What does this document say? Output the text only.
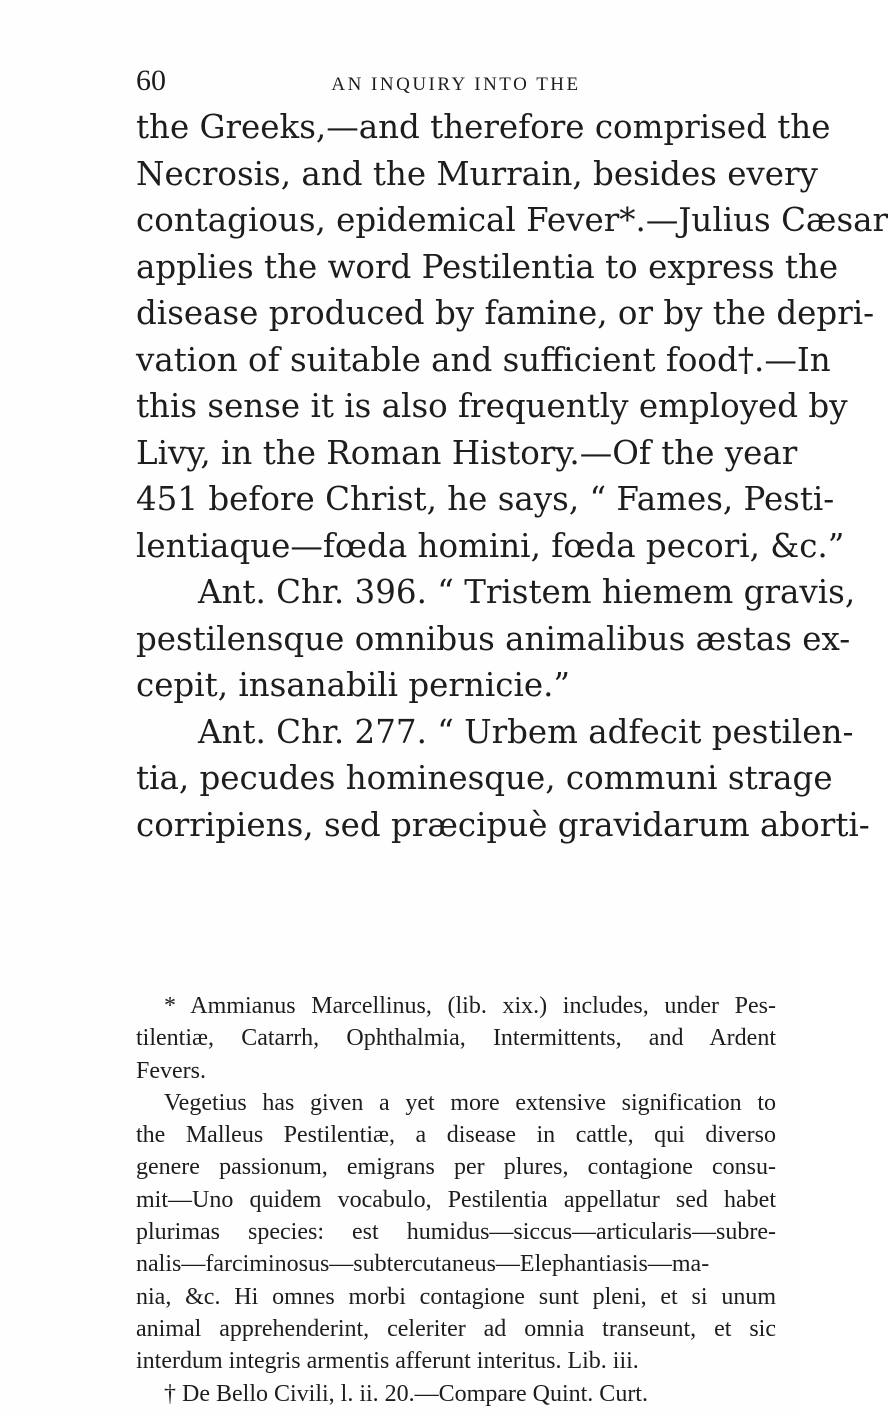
60	AN INQUIRY INTO THE
the Greeks,—and therefore comprised the
Necrosis, and the Murrain, besides every
contagious, epidemical Fever*.—Julius Cæsar
applies the word Pestilentia to express the
disease produced by famine, or by the depri-
vation of suitable and sufficient food†.—In
this sense it is also frequently employed by
Livy, in the Roman History.—Of the year
451 before Christ, he says, “ Fames, Pesti-
lentiaque—fœda homini, fœda pecori, &c.”
Ant. Chr. 396. “ Tristem hiemem gravis,
pestilensque omnibus animalibus æstas ex-
cepit, insanabili pernicie.”
Ant. Chr. 277. “ Urbem adfecit pestilen-
tia, pecudes hominesque, communi strage
corripiens, sed præcipuè gravidarum aborti-
* Ammianus Marcellinus, (lib. xix.) includes, under Pes-
tilentiæ, Catarrh, Ophthalmia, Intermittents, and Ardent
Fevers.
Vegetius has given a yet more extensive signification to
the Malleus Pestilentiæ, a disease in cattle, qui diverso
genere passionum, emigrans per plures, contagione consu-
mit—Uno quidem vocabulo, Pestilentia appellatur sed habet
plurimas species: est humidus—siccus—articularis—subre-
nalis—farciminosus—subtercutaneus—Elephantiasis—ma-
nia, &c. Hi omnes morbi contagione sunt pleni, et si unum
animal apprehenderint, celeriter ad omnia transeunt, et sic
interdum integris armentis afferunt interitus. Lib. iii.
† De Bello Civili, l. ii. 20.—Compare Quint. Curt.
